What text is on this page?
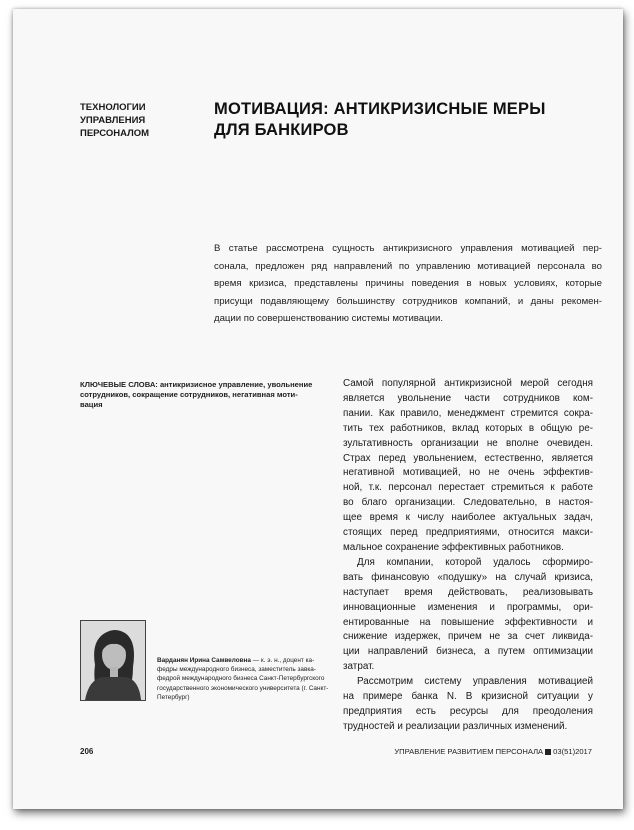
ТЕХНОЛОГИИ
УПРАВЛЕНИЯ
ПЕРСОНАЛОМ
МОТИВАЦИЯ: АНТИКРИЗИСНЫЕ МЕРЫ
ДЛЯ БАНКИРОВ
В статье рассмотрена сущность антикризисного управления мотивацией пер-
сонала, предложен ряд направлений по управлению мотивацией персонала во
время кризиса, представлены причины поведения в новых условиях, которые
присущи подавляющему большинству сотрудников компаний, и даны рекомен-
дации по совершенствованию системы мотивации.
КЛЮЧЕВЫЕ СЛОВА: антикризисное управление, увольнение
сотрудников, сокращение сотрудников, негативная моти-
вация
Самой популярной антикризисной мерой сегодня
является увольнение части сотрудников ком-
пании. Как правило, менеджмент стремится сокра-
тить тех работников, вклад которых в общую ре-
зультативность организации не вполне очевиден.
Страх перед увольнением, естественно, является
негативной мотивацией, но не очень эффектив-
ной, т.к. персонал перестает стремиться к работе
во благо организации. Следовательно, в настоя-
щее время к числу наиболее актуальных задач,
стоящих перед предприятиями, относится макси-
мальное сохранение эффективных работников.
Для компании, которой удалось сформиро-
вать финансовую «подушку» на случай кризиса,
наступает время действовать, реализовывать
инновационные изменения и программы, ори-
ентированные на повышение эффективности и
снижение издержек, причем не за счет ликвида-
ции направлений бизнеса, а путем оптимизации
затрат.
Рассмотрим систему управления мотивацией
на примере банка N. В кризисной ситуации у
предприятия есть ресурсы для преодоления
трудностей и реализации различных изменений.
Варданян Ирина Самвеловна — к. э. н., доцент ка-
федры международного бизнеса, заместитель завка-
федрой международного бизнеса Санкт-Петербургского
государственного экономического университета (г. Санкт-
Петербург)
206	УПРАВЛЕНИЕ РАЗВИТИЕМ ПЕРСОНАЛА 03(51)2017
